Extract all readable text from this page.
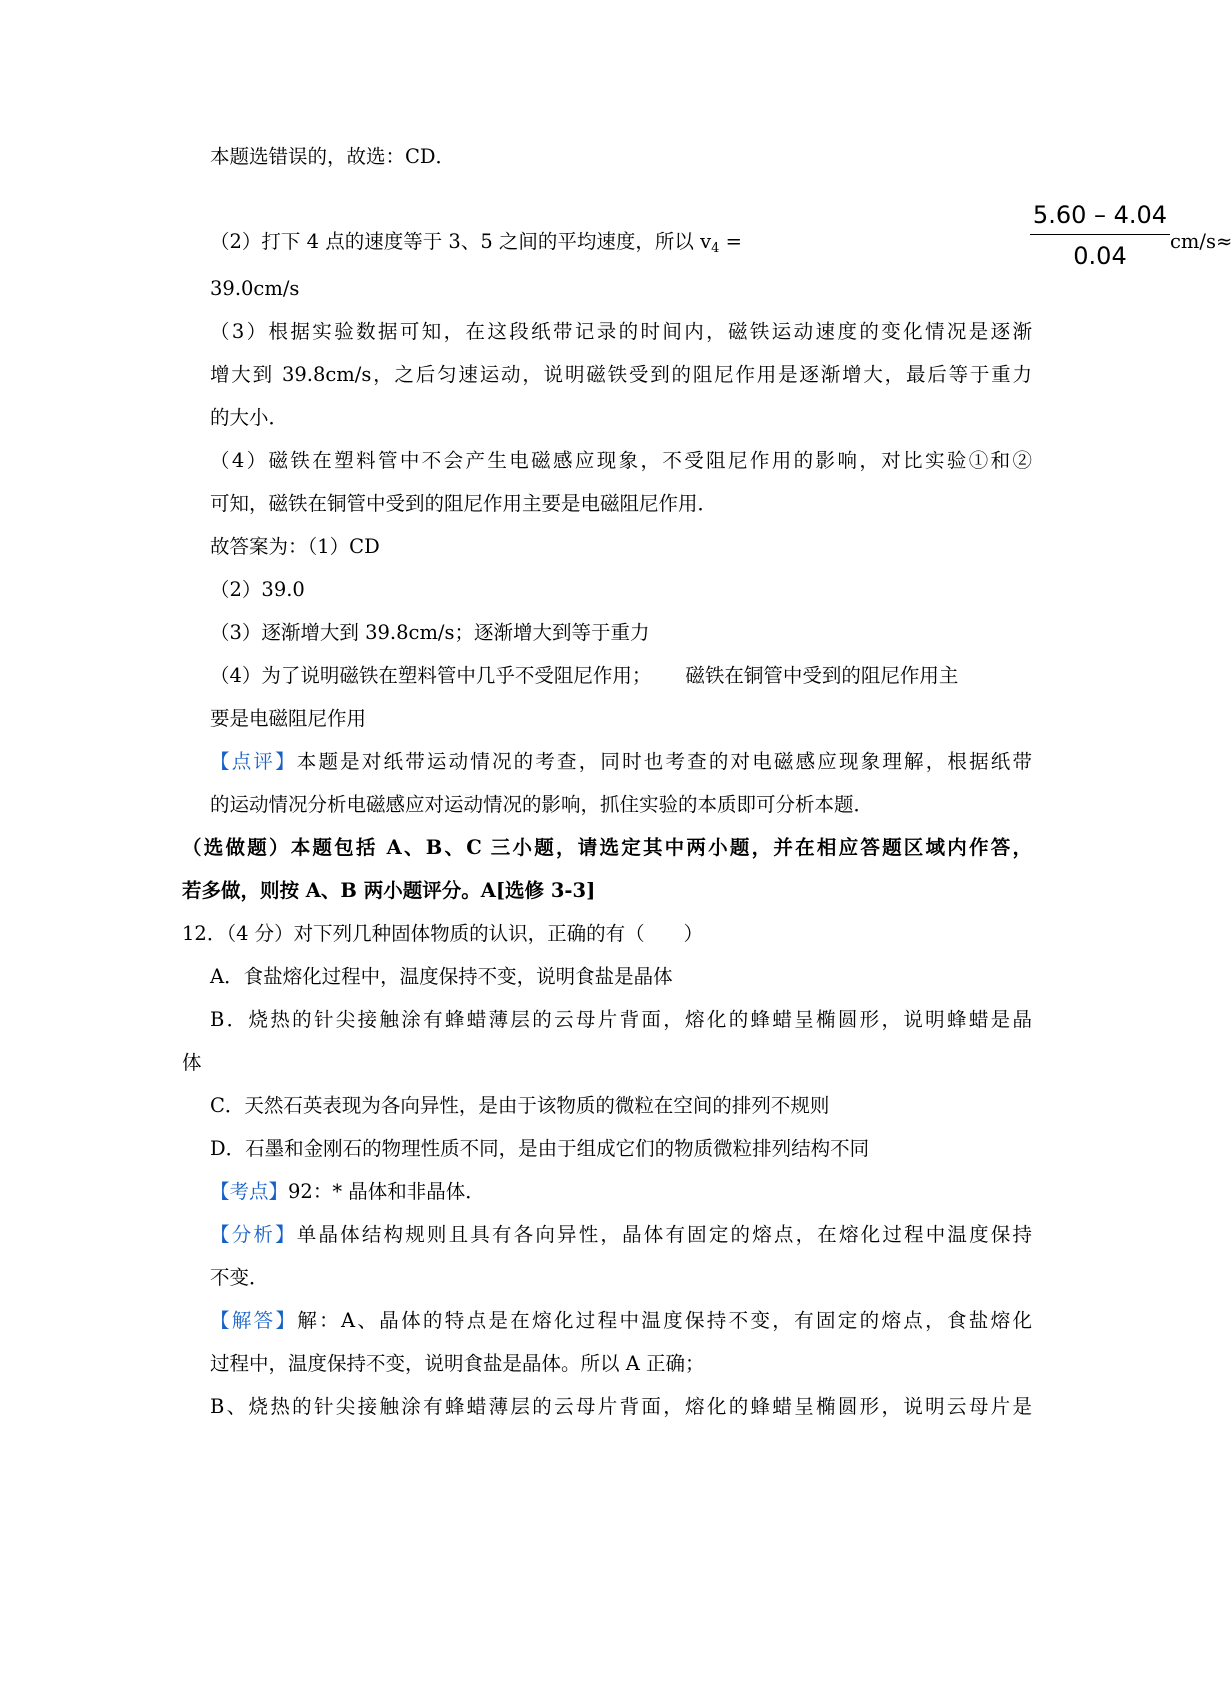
本题选错误的，故选：CD．

（2）打下 4 点的速度等于 3、5 之间的平均速度，所以 $v_4$ =
5.60 – 4.04
0.04
cm/s≈

39.0cm/s

（3）根据实验数据可知，在这段纸带记录的时间内，磁铁运动速度的变化情况是逐渐

增大到 39.8cm/s，之后匀速运动，说明磁铁受到的阻尼作用是逐渐增大，最后等于重力

的大小．

（4）磁铁在塑料管中不会产生电磁感应现象，不受阻尼作用的影响，对比实验①和②

可知，磁铁在铜管中受到的阻尼作用主要是电磁阻尼作用．

故答案为：（1）CD

（2）39.0

（3）逐渐增大到 39.8cm/s；逐渐增大到等于重力

（4）为了说明磁铁在塑料管中几乎不受阻尼作用； 磁铁在铜管中受到的阻尼作用主

要是电磁阻尼作用

【点评】本题是对纸带运动情况的考查，同时也考查的对电磁感应现象理解，根据纸带

的运动情况分析电磁感应对运动情况的影响，抓住实验的本质即可分析本题．

（选做题）本题包括 A、B、C 三小题，请选定其中两小题，并在相应答题区域内作答，

若多做，则按 A、B 两小题评分。A[选修 3-3]

12．（4 分）对下列几种固体物质的认识，正确的有（　　）

A．食盐熔化过程中，温度保持不变，说明食盐是晶体

B．烧热的针尖接触涂有蜂蜡薄层的云母片背面，熔化的蜂蜡呈椭圆形，说明蜂蜡是晶

体

C．天然石英表现为各向异性，是由于该物质的微粒在空间的排列不规则

D．石墨和金刚石的物理性质不同，是由于组成它们的物质微粒排列结构不同

【考点】92：* 晶体和非晶体．

【分析】单晶体结构规则且具有各向异性，晶体有固定的熔点，在熔化过程中温度保持

不变．

【解答】解：A、晶体的特点是在熔化过程中温度保持不变，有固定的熔点，食盐熔化

过程中，温度保持不变，说明食盐是晶体。所以 A 正确；

B、烧热的针尖接触涂有蜂蜡薄层的云母片背面，熔化的蜂蜡呈椭圆形，说明云母片是
